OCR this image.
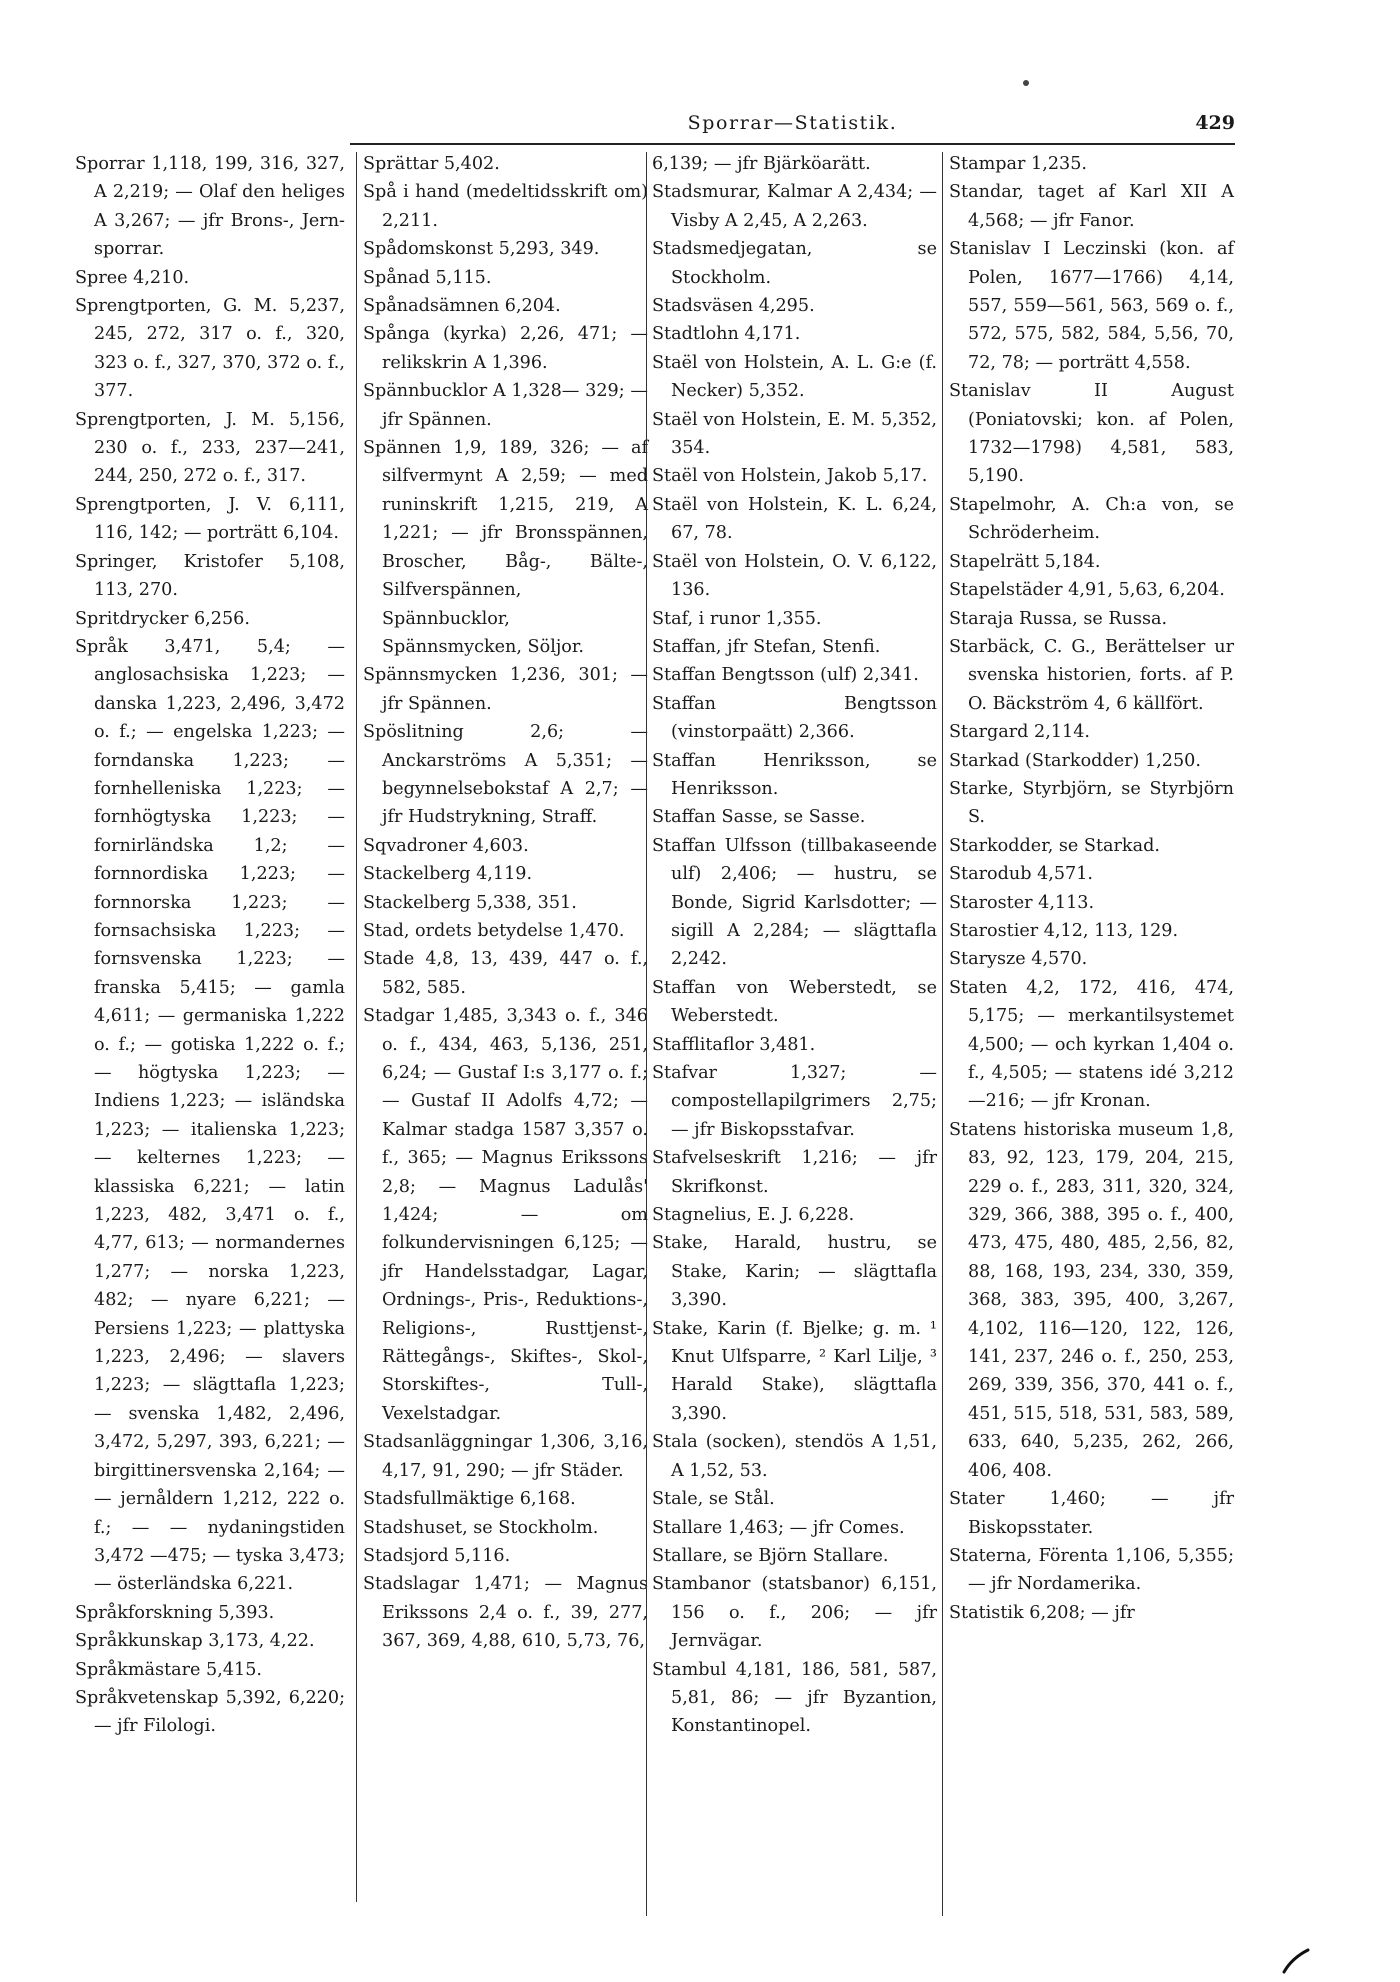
Sporrar—Statistik.	429

Sporrar 1,118, 199, 316, 327, A 2,219; — Olaf den heliges A 3,267; — jfr Brons-, Jern-sporrar.

Spree 4,210.

Sprengtporten, G. M. 5,237, 245, 272, 317 o. f., 320, 323 o. f., 327, 370, 372 o. f., 377.

Sprengtporten, J. M. 5,156, 230 o. f., 233, 237—241, 244, 250, 272 o. f., 317.

Sprengtporten, J. V. 6,111, 116, 142; — porträtt 6,104.

Springer, Kristofer 5,108, 113, 270.

Spritdrycker 6,256.

Språk 3,471, 5,4; — anglosachsiska 1,223; — danska 1,223, 2,496, 3,472 o. f.; — engelska 1,223; — forndanska 1,223; — fornhelleniska 1,223; — fornhögtyska 1,223; — fornirländska 1,2; — fornnordiska 1,223; — fornnorska 1,223; — fornsachsiska 1,223; — fornsvenska 1,223; — franska 5,415; — gamla 4,611; — germaniska 1,222 o. f.; — gotiska 1,222 o. f.; — högtyska 1,223; — Indiens 1,223; — isländska 1,223; — italienska 1,223; — kelternes 1,223; — klassiska 6,221; — latin 1,223, 482, 3,471 o. f., 4,77, 613; — normandernes 1,277; — norska 1,223, 482; — nyare 6,221; — Persiens 1,223; — plattyska 1,223, 2,496; — slavers 1,223; — slägttafla 1,223; — svenska 1,482, 2,496, 3,472, 5,297, 393, 6,221; — birgittinersvenska 2,164; — — jernåldern 1,212, 222 o. f.; — — nydaningstiden 3,472 —475; — tyska 3,473; — österländska 6,221.

Språkforskning 5,393.

Språkkunskap 3,173, 4,22.

Språkmästare 5,415.

Språkvetenskap 5,392, 6,220; — jfr Filologi.

Sprättar 5,402.

Spå i hand (medeltidsskrift om) 2,211.

Spådomskonst 5,293, 349.

Spånad 5,115.

Spånadsämnen 6,204.

Spånga (kyrka) 2,26, 471; — relikskrin A 1,396.

Spännbucklor A 1,328— 329; — jfr Spännen.

Spännen 1,9, 189, 326; — af silfvermynt A 2,59; — med runinskrift 1,215, 219, A 1,221; — jfr Bronsspännen, Broscher, Båg-, Bälte-, Silfverspännen, Spännbucklor, Spännsmycken, Söljor.

Spännsmycken 1,236, 301; — jfr Spännen.

Spöslitning 2,6; — Anckarströms A 5,351; — begynnelsebokstaf A 2,7; — jfr Hudstrykning, Straff.

Sqvadroner 4,603.

Stackelberg 4,119.

Stackelberg 5,338, 351.

Stad, ordets betydelse 1,470.

Stade 4,8, 13, 439, 447 o. f., 582, 585.

Stadgar 1,485, 3,343 o. f., 346 o. f., 434, 463, 5,136, 251, 6,24; — Gustaf I:s 3,177 o. f.; — Gustaf II Adolfs 4,72; — Kalmar stadga 1587 3,357 o. f., 365; — Magnus Erikssons 2,8; — Magnus Ladulås' 1,424; — om folkundervisningen 6,125; — jfr Handelsstadgar, Lagar, Ordnings-, Pris-, Reduktions-, Religions-, Rusttjenst-, Rättegångs-, Skiftes-, Skol-, Storskiftes-, Tull-, Vexelstadgar.

Stadsanläggningar 1,306, 3,16, 4,17, 91, 290; — jfr Städer.

Stadsfullmäktige 6,168.

Stadshuset, se Stockholm.

Stadsjord 5,116.

Stadslagar 1,471; — Magnus Erikssons 2,4 o. f., 39, 277, 367, 369, 4,88, 610, 5,73, 76,

6,139; — jfr Bjärköarätt.

Stadsmurar, Kalmar A 2,434; — Visby A 2,45, A 2,263.

Stadsmedjegatan, se Stockholm.

Stadsväsen 4,295.

Stadtlohn 4,171.

Staël von Holstein, A. L. G:e (f. Necker) 5,352.

Staël von Holstein, E. M. 5,352, 354.

Staël von Holstein, Jakob 5,17.

Staël von Holstein, K. L. 6,24, 67, 78.

Staël von Holstein, O. V. 6,122, 136.

Staf, i runor 1,355.

Staffan, jfr Stefan, Stenfi.

Staffan Bengtsson (ulf) 2,341.

Staffan Bengtsson (vinstorpaätt) 2,366.

Staffan Henriksson, se Henriksson.

Staffan Sasse, se Sasse.

Staffan Ulfsson (tillbakaseende ulf) 2,406; — hustru, se Bonde, Sigrid Karlsdotter; — sigill A 2,284; — slägttafla 2,242.

Staffan von Weberstedt, se Weberstedt.

Stafflitaflor 3,481.

Stafvar 1,327; — compostellapilgrimers 2,75; — jfr Biskopsstafvar.

Stafvelseskrift 1,216; — jfr Skrifkonst.

Stagnelius, E. J. 6,228.

Stake, Harald, hustru, se Stake, Karin; — slägttafla 3,390.

Stake, Karin (f. Bjelke; g. m. ¹ Knut Ulfsparre, ² Karl Lilje, ³ Harald Stake), slägttafla 3,390.

Stala (socken), stendös A 1,51, A 1,52, 53.

Stale, se Stål.

Stallare 1,463; — jfr Comes.

Stallare, se Björn Stallare.

Stambanor (statsbanor) 6,151, 156 o. f., 206; — jfr Jernvägar.

Stambul 4,181, 186, 581, 587, 5,81, 86; — jfr Byzantion, Konstantinopel.

Stampar 1,235.

Standar, taget af Karl XII A 4,568; — jfr Fanor.

Stanislav I Leczinski (kon. af Polen, 1677—1766) 4,14, 557, 559—561, 563, 569 o. f., 572, 575, 582, 584, 5,56, 70, 72, 78; — porträtt 4,558.

Stanislav II August (Poniatovski; kon. af Polen, 1732—1798) 4,581, 583, 5,190.

Stapelmohr, A. Ch:a von, se Schröderheim.

Stapelrätt 5,184.

Stapelstäder 4,91, 5,63, 6,204.

Staraja Russa, se Russa.

Starbäck, C. G., Berättelser ur svenska historien, forts. af P. O. Bäckström 4, 6 källfört.

Stargard 2,114.

Starkad (Starkodder) 1,250.

Starke, Styrbjörn, se Styrbjörn S.

Starkodder, se Starkad.

Starodub 4,571.

Staroster 4,113.

Starostier 4,12, 113, 129.

Starysze 4,570.

Staten 4,2, 172, 416, 474, 5,175; — merkantilsystemet 4,500; — och kyrkan 1,404 o. f., 4,505; — statens idé 3,212—216; — jfr Kronan.

Statens historiska museum 1,8, 83, 92, 123, 179, 204, 215, 229 o. f., 283, 311, 320, 324, 329, 366, 388, 395 o. f., 400, 473, 475, 480, 485, 2,56, 82, 88, 168, 193, 234, 330, 359, 368, 383, 395, 400, 3,267, 4,102, 116—120, 122, 126, 141, 237, 246 o. f., 250, 253, 269, 339, 356, 370, 441 o. f., 451, 515, 518, 531, 583, 589, 633, 640, 5,235, 262, 266, 406, 408.

Stater 1,460; — jfr Biskopsstater.

Staterna, Förenta 1,106, 5,355; — jfr Nordamerika.

Statistik 6,208; — jfr
